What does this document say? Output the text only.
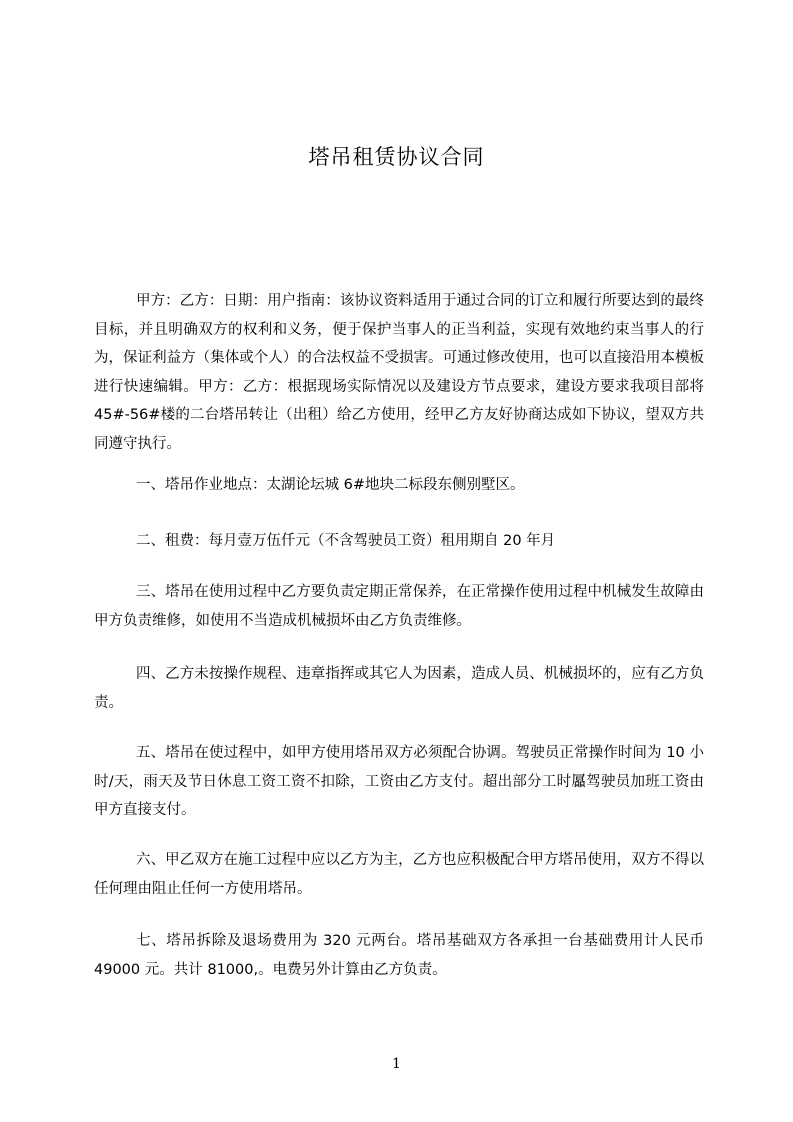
塔吊租赁协议合同

甲方：乙方：日期：用户指南：该协议资料适用于通过合同的订立和履行所要达到的最终目标，并且明确双方的权利和义务，便于保护当事人的正当利益，实现有效地约束当事人的行为，保证利益方（集体或个人）的合法权益不受损害。可通过修改使用，也可以直接沿用本模板进行快速编辑。甲方：乙方：根据现场实际情况以及建设方节点要求，建设方要求我项目部将45#-56#楼的二台塔吊转让（出租）给乙方使用，经甲乙方友好协商达成如下协议，望双方共同遵守执行。

一、塔吊作业地点：太湖论坛城 6#地块二标段东侧别墅区。

二、租费：每月壹万伍仟元（不含驾驶员工资）租用期自 20 年月

三、塔吊在使用过程中乙方要负责定期正常保养，在正常操作使用过程中机械发生故障由甲方负责维修，如使用不当造成机械损坏由乙方负责维修。

四、乙方未按操作规程、违章指挥或其它人为因素，造成人员、机械损坏的，应有乙方负责。

五、塔吊在使过程中，如甲方使用塔吊双方必须配合协调。驾驶员正常操作时间为 10 小时/天，雨天及节日休息工资工资不扣除，工资由乙方支付。超出部分工时屭驾驶员加班工资由甲方直接支付。

六、甲乙双方在施工过程中应以乙方为主，乙方也应积极配合甲方塔吊使用，双方不得以任何理由阻止任何一方使用塔吊。

七、塔吊拆除及退场费用为 320 元两台。塔吊基础双方各承担一台基础费用计人民币 49000 元。共计 81000,。电费另外计算由乙方负责。

1
